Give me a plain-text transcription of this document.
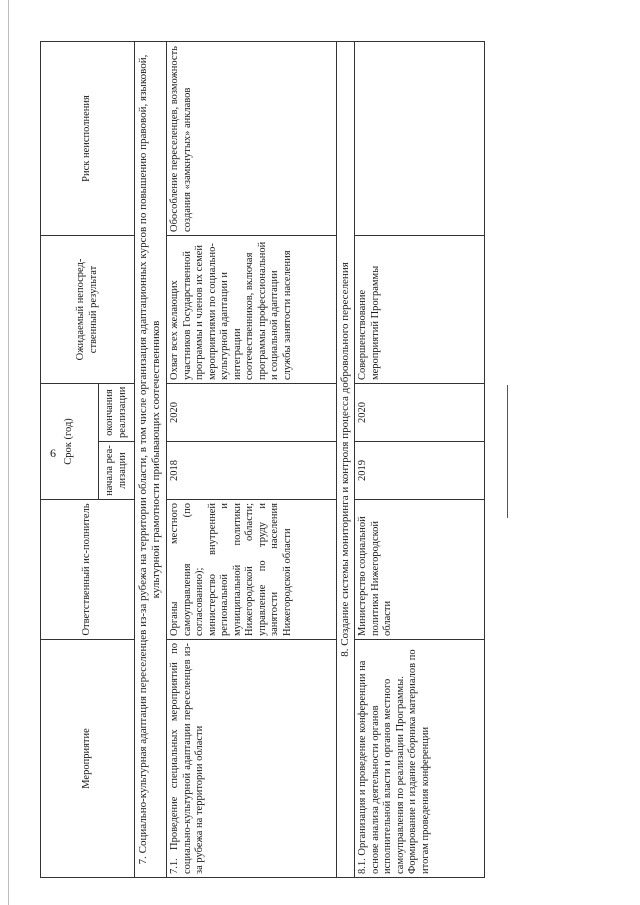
6
Мероприятие	Ответственный ис-полнитель	Срок (год)		Ожидаемый непосред-ственный результат	Риск неисполнения
		начала реа-лизации	окончания реализации		
7. Социально-культурная адаптация переселенцев из-за рубежа на территории области, в том числе организация адаптационных курсов по повышению правовой, языковой, культурной грамотности прибывающих соотечественников					
7.1. Проведение специальных мероприятий по социально-культурной адаптации переселенцев из-за рубежа на территории области	Органы местного самоуправления (по согласованию); министерство внутренней региональной и муниципальной политики Нижегородской области; управление по труду и занятости населения Нижегородской области	2018	2020	Охват всех желающих участников Государственной программы и членов их семей мероприятиями по социально-культурной адаптации и интеграции соотечественников, включая программы профессиональной и социальной адаптации службы занятости населения	Обособление переселенцев, возможность создания «замкнутых» анклавов
8. Создание системы мониторинга и контроля процесса добровольного переселения					
8.1. Организация и проведение конференции на основе анализа деятельности органов исполнительной власти и органов местного самоуправления по реализации Программы. Формирование и издание сборника материалов по итогам проведения конференции	Министерство социальной политики Нижегородской области	2019	2020	Совершенствование мероприятий Программы	
